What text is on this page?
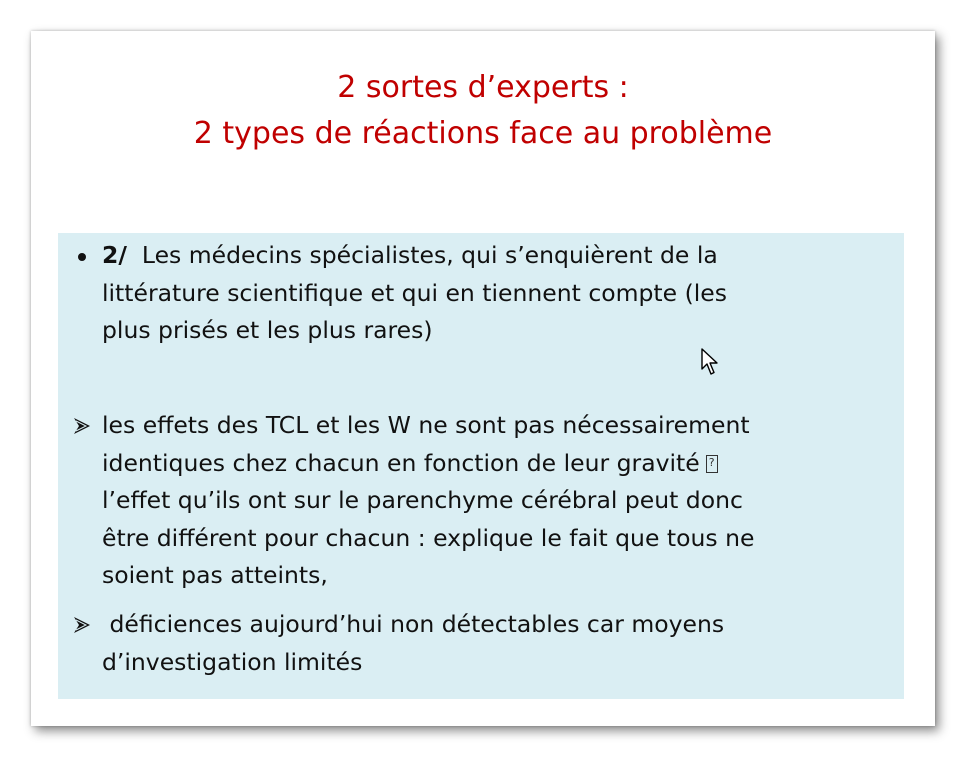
2 sortes d’experts :
2 types de réactions face au problème
2/ Les médecins spécialistes, qui s’enquièrent de la
littérature scientifique et qui en tiennent compte (les
plus prisés et les plus rares)
les effets des TCL et les W ne sont pas nécessairement
identiques chez chacun en fonction de leur gravité?
l’effet qu’ils ont sur le parenchyme cérébral peut donc
être différent pour chacun : explique le fait que tous ne
soient pas atteints,
déficiences aujourd’hui non détectables car moyens
d’investigation limités
